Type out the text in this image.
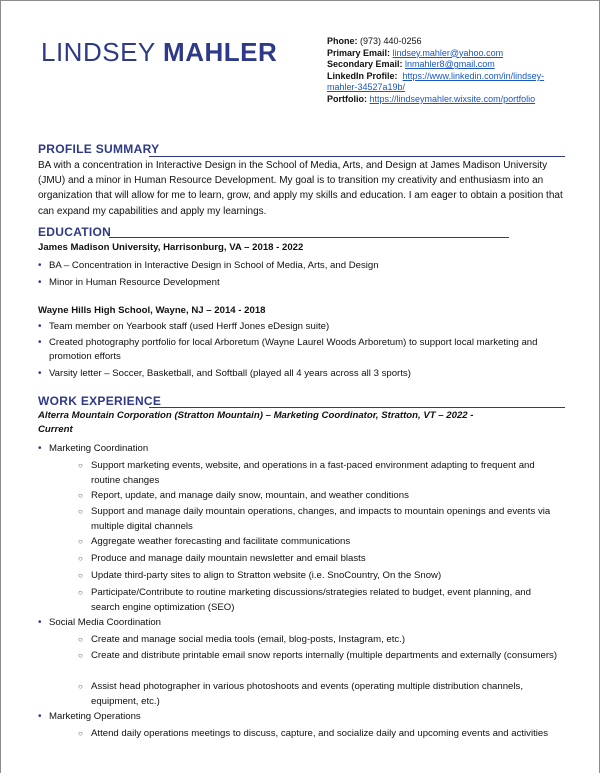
LINDSEY MAHLER	Phone: (973) 440-0256
Primary Email: lindsey.mahler@yahoo.com
Secondary Email: lnmahler8@gmail.com
LinkedIn Profile: https://www.linkedin.com/in/lindsey-
mahler-34527a19b/
Portfolio: https://lindseymahler.wixsite.com/portfolio
PROFILE SUMMARY
BA with a concentration in Interactive Design in the School of Media, Arts, and Design at James Madison University (JMU) and a minor in Human Resource Development. My goal is to transition my creativity and enthusiasm into an organization that will allow for me to learn, grow, and apply my skills and education. I am eager to obtain a position that can expand my capabilities and apply my learnings.
EDUCATION
James Madison University, Harrisonburg, VA – 2018 - 2022
• BA – Concentration in Interactive Design in School of Media, Arts, and Design
• Minor in Human Resource Development
Wayne Hills High School, Wayne, NJ – 2014 - 2018
• Team member on Yearbook staff (used Herff Jones eDesign suite)
• Created photography portfolio for local Arboretum (Wayne Laurel Woods Arboretum) to support local marketing and promotion efforts
• Varsity letter – Soccer, Basketball, and Softball (played all 4 years across all 3 sports)
WORK EXPERIENCE
Alterra Mountain Corporation (Stratton Mountain) – Marketing Coordinator, Stratton, VT – 2022 - Current
• Marketing Coordination
○ Support marketing events, website, and operations in a fast-paced environment adapting to frequent and routine changes
○ Report, update, and manage daily snow, mountain, and weather conditions
○ Support and manage daily mountain operations, changes, and impacts to mountain openings and events via multiple digital channels
○ Aggregate weather forecasting and facilitate communications
○ Produce and manage daily mountain newsletter and email blasts
○ Update third-party sites to align to Stratton website (i.e. SnoCountry, On the Snow)
○ Participate/Contribute to routine marketing discussions/strategies related to budget, event planning, and search engine optimization (SEO)
• Social Media Coordination
○ Create and manage social media tools (email, blog-posts, Instagram, etc.)
○ Create and distribute printable email snow reports internally (multiple departments and externally (consumers)
○ Assist head photographer in various photoshoots and events (operating multiple distribution channels, equipment, etc.)
• Marketing Operations
○ Attend daily operations meetings to discuss, capture, and socialize daily and upcoming events and activities
